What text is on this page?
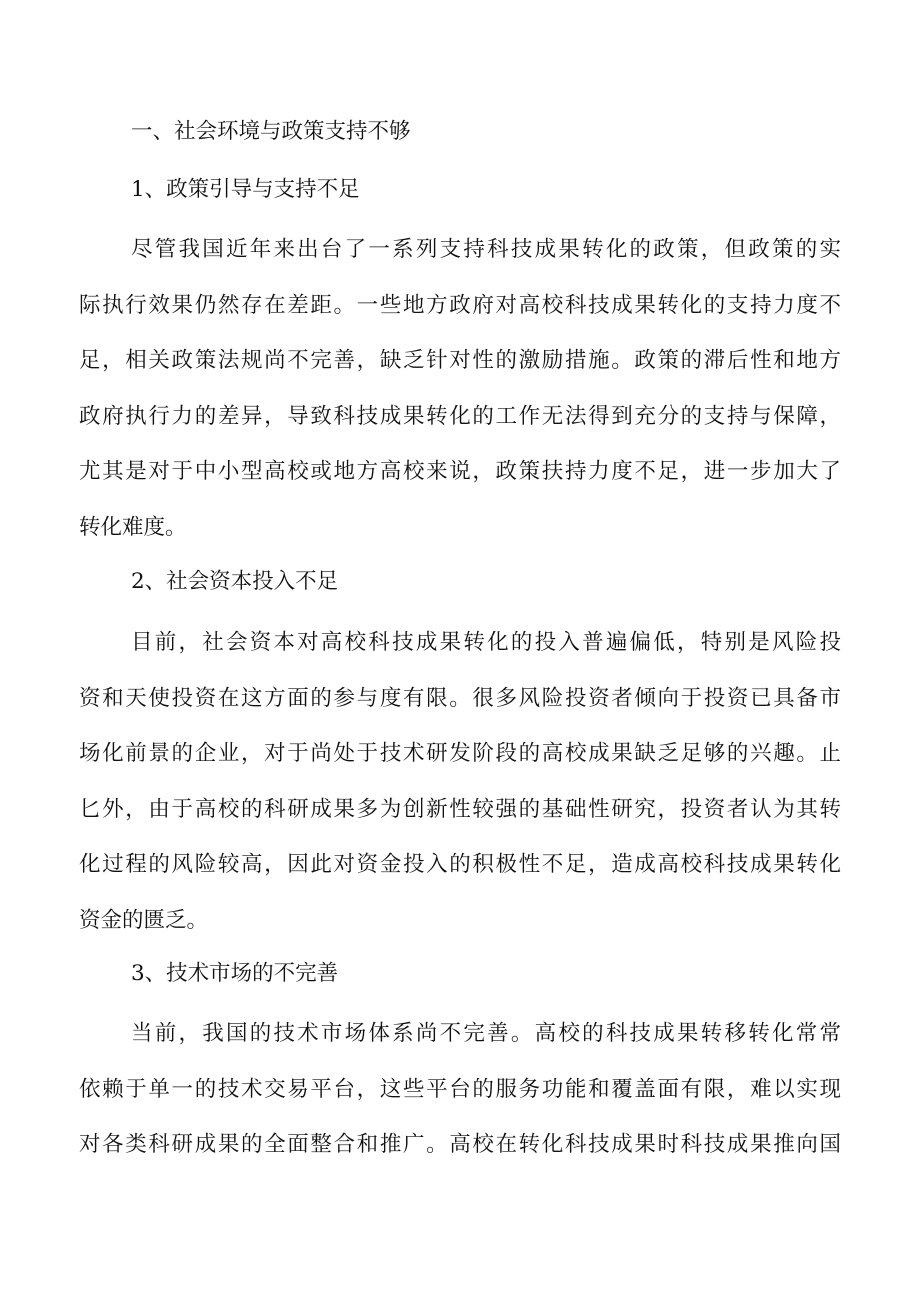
一、社会环境与政策支持不够
1、政策引导与支持不足
尽管我国近年来出台了一系列支持科技成果转化的政策，但政策的实
际执行效果仍然存在差距。一些地方政府对高校科技成果转化的支持力度不
足，相关政策法规尚不完善，缺乏针对性的激励措施。政策的滞后性和地方
政府执行力的差异，导致科技成果转化的工作无法得到充分的支持与保障，
尤其是对于中小型高校或地方高校来说，政策扶持力度不足，进一步加大了
转化难度。
2、社会资本投入不足
目前，社会资本对高校科技成果转化的投入普遍偏低，特别是风险投
资和天使投资在这方面的参与度有限。很多风险投资者倾向于投资已具备市
场化前景的企业，对于尚处于技术研发阶段的高校成果缺乏足够的兴趣。止
匕外，由于高校的科研成果多为创新性较强的基础性研究，投资者认为其转
化过程的风险较高，因此对资金投入的积极性不足，造成高校科技成果转化
资金的匮乏。
3、技术市场的不完善
当前，我国的技术市场体系尚不完善。高校的科技成果转移转化常常
依赖于单一的技术交易平台，这些平台的服务功能和覆盖面有限，难以实现
对各类科研成果的全面整合和推广。高校在转化科技成果时科技成果推向国
